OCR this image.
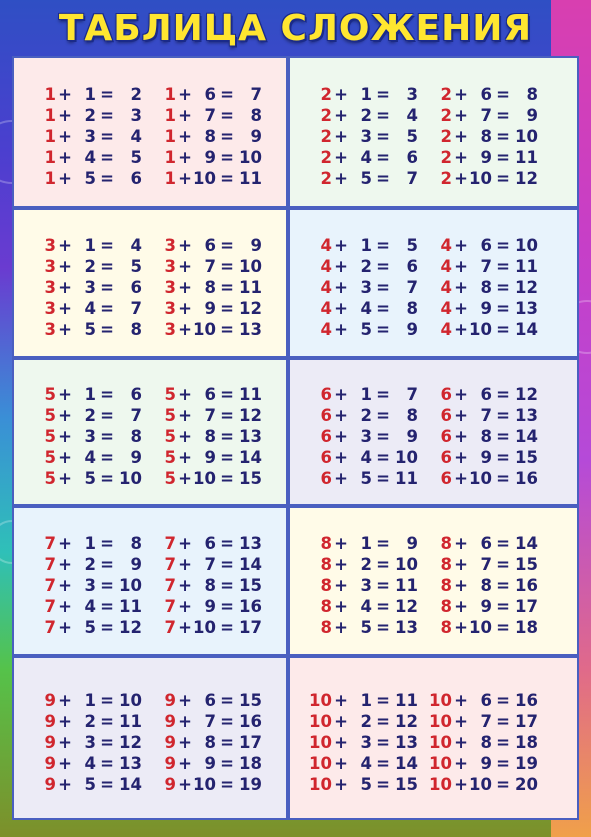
ТАБЛИЦА СЛОЖЕНИЯ
1 + 1 =	2
1 + 2 =	3
1 + 3 =	4
1 + 4 =	5
1 + 5 =	6
1 + 6 =	7
1 + 7 =	8
1 + 8 =	9
1 + 9 = 10
1 + 10 = 11
2 + 1 =	3
2 + 2 =	4
2 + 3 =	5
2 + 4 =	6
2 + 5 =	7
2 + 6 =	8
2 + 7 =	9
2 + 8 = 10
2 + 9 = 11
2 + 10 = 12
3 + 1 =	4
3 + 2 =	5
3 + 3 =	6
3 + 4 =	7
3 + 5 =	8
3 + 6 =	9
3 + 7 = 10
3 + 8 = 11
3 + 9 = 12
3 + 10 = 13
4 + 1 =	5
4 + 2 =	6
4 + 3 =	7
4 + 4 =	8
4 + 5 =	9
4 + 6 = 10
4 + 7 = 11
4 + 8 = 12
4 + 9 = 13
4 + 10 = 14
5 + 1 =	6
5 + 2 =	7
5 + 3 =	8
5 + 4 =	9
5 + 5 = 10
5 + 6 = 11
5 + 7 = 12
5 + 8 = 13
5 + 9 = 14
5 + 10 = 15
6 + 1 =	7
6 + 2 =	8
6 + 3 =	9
6 + 4 = 10
6 + 5 = 11
6 + 6 = 12
6 + 7 = 13
6 + 8 = 14
6 + 9 = 15
6 + 10 = 16
7 + 1 =	8
7 + 2 =	9
7 + 3 = 10
7 + 4 = 11
7 + 5 = 12
7 + 6 = 13
7 + 7 = 14
7 + 8 = 15
7 + 9 = 16
7 + 10 = 17
8 + 1 =	9
8 + 2 = 10
8 + 3 = 11
8 + 4 = 12
8 + 5 = 13
8 + 6 = 14
8 + 7 = 15
8 + 8 = 16
8 + 9 = 17
8 + 10 = 18
9 + 1 = 10
9 + 2 = 11
9 + 3 = 12
9 + 4 = 13
9 + 5 = 14
9 + 6 = 15
9 + 7 = 16
9 + 8 = 17
9 + 9 = 18
9 + 10 = 19
10 + 1 = 11
10 + 2 = 12
10 + 3 = 13
10 + 4 = 14
10 + 5 = 15
10 + 6 = 16
10 + 7 = 17
10 + 8 = 18
10 + 9 = 19
10 + 10 = 20
